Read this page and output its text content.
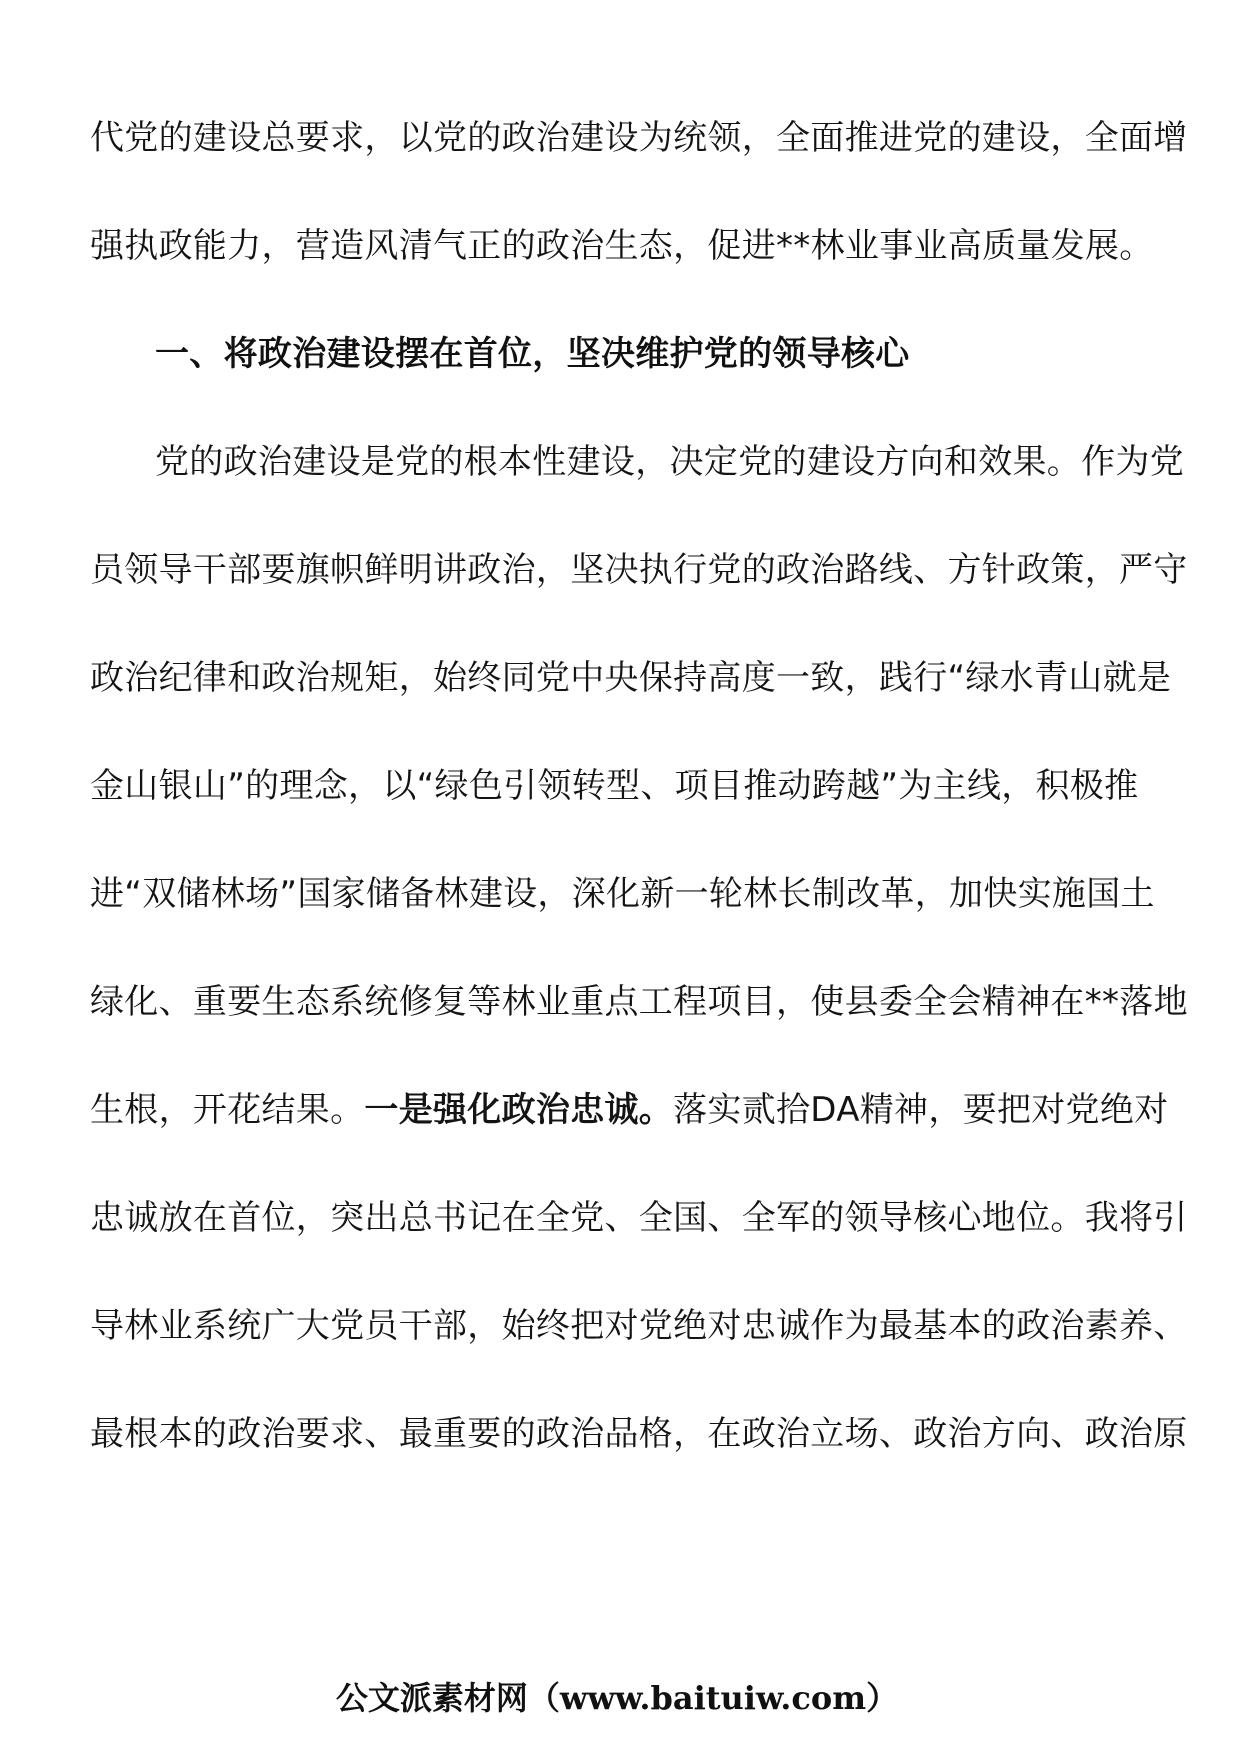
代党的建设总要求，以党的政治建设为统领，全面推进党的建设，全面增
强执政能力，营造风清气正的政治生态，促进**林业事业高质量发展。
一、将政治建设摆在首位，坚决维护党的领导核心
党的政治建设是党的根本性建设，决定党的建设方向和效果。作为党
员领导干部要旗帜鲜明讲政治，坚决执行党的政治路线、方针政策，严守
政治纪律和政治规矩，始终同党中央保持高度一致，践行“绿水青山就是
金山银山”的理念，以“绿色引领转型、项目推动跨越”为主线，积极推
进“双储林场”国家储备林建设，深化新一轮林长制改革，加快实施国土
绿化、重要生态系统修复等林业重点工程项目，使县委全会精神在**落地
生根，开花结果。一是强化政治忠诚。落实贰拾DA精神，要把对党绝对
忠诚放在首位，突出总书记在全党、全国、全军的领导核心地位。我将引
导林业系统广大党员干部，始终把对党绝对忠诚作为最基本的政治素养、
最根本的政治要求、最重要的政治品格，在政治立场、政治方向、政治原
公文派素材网（www.baituiw.com）
